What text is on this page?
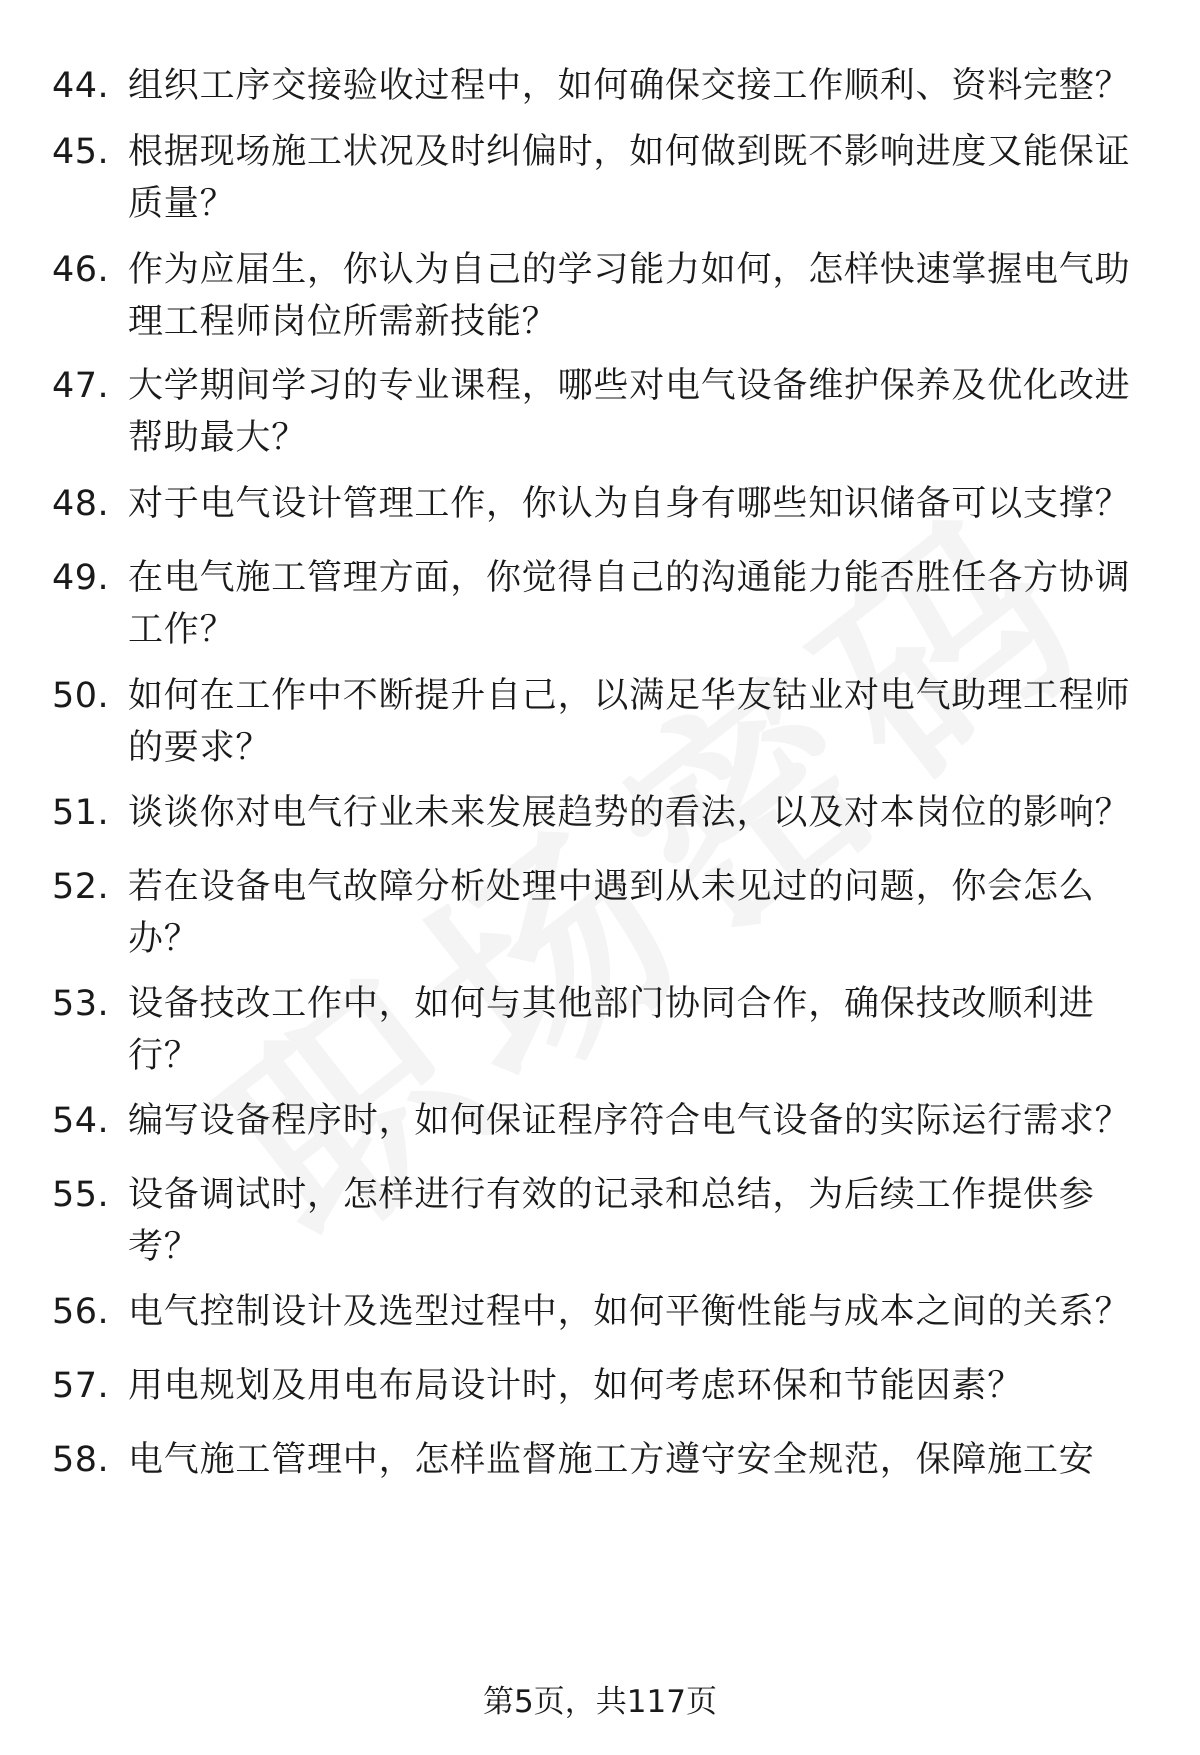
44. 组织工序交接验收过程中，如何确保交接工作顺利、资料完整？
45. 根据现场施工状况及时纠偏时，如何做到既不影响进度又能保证质量？
46. 作为应届生，你认为自己的学习能力如何，怎样快速掌握电气助理工程师岗位所需新技能？
47. 大学期间学习的专业课程，哪些对电气设备维护保养及优化改进帮助最大？
48. 对于电气设计管理工作，你认为自身有哪些知识储备可以支撑？
49. 在电气施工管理方面，你觉得自己的沟通能力能否胜任各方协调工作？
50. 如何在工作中不断提升自己，以满足华友钴业对电气助理工程师的要求？
51. 谈谈你对电气行业未来发展趋势的看法，以及对本岗位的影响？
52. 若在设备电气故障分析处理中遇到从未见过的问题，你会怎么办？
53. 设备技改工作中，如何与其他部门协同合作，确保技改顺利进行？
54. 编写设备程序时，如何保证程序符合电气设备的实际运行需求？
55. 设备调试时，怎样进行有效的记录和总结，为后续工作提供参考？
56. 电气控制设计及选型过程中，如何平衡性能与成本之间的关系？
57. 用电规划及用电布局设计时，如何考虑环保和节能因素？
58. 电气施工管理中，怎样监督施工方遵守安全规范，保障施工安
第5页，共117页
